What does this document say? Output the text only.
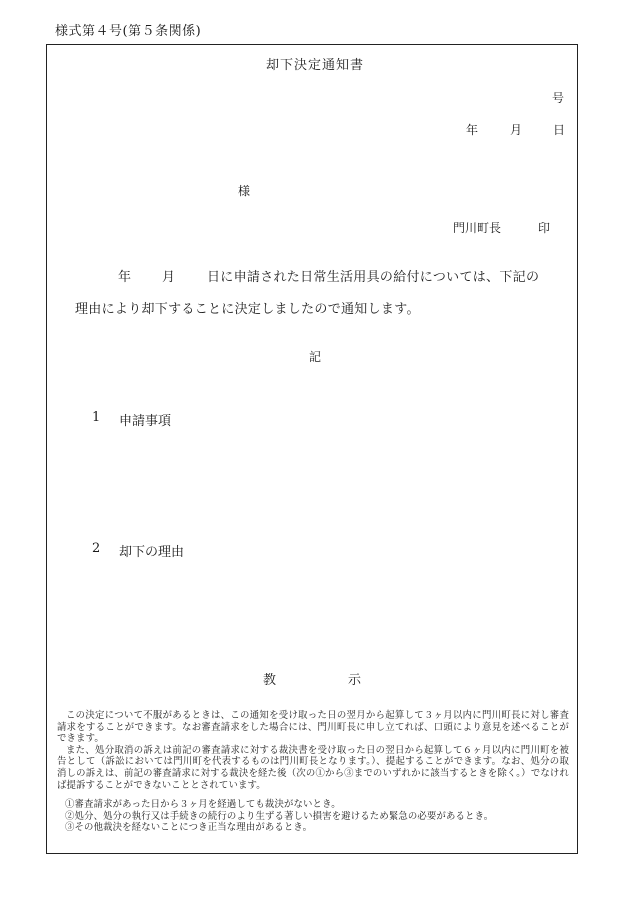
様式第４号(第５条関係)
却下決定通知書
号
年	月	日
様
門川町長	印
年 月 日に申請された日常生活用具の給付については、下記の
理由により却下することに決定しましたので通知します。
記
1 申請事項
2 却下の理由
教	示

この決定について不服があるときは、この通知を受け取った日の翌月から起算して３ヶ月以内に門川町長に対し審査請求をすることができます。なお審査請求をした場合には、門川町長に申し立てれば、口頭により意見を述べることができます。

また、処分取消の訴えは前記の審査請求に対する裁決書を受け取った日の翌日から起算して６ヶ月以内に門川町を被告として（訴訟においては門川町を代表するものは門川町長となります。）、提起することができます。なお、処分の取消しの訴えは、前記の審査請求に対する裁決を経た後（次の①から③までのいずれかに該当するときを除く。）でなければ提訴することができないこととされています。

①審査請求があった日から３ヶ月を経過しても裁決がないとき。
②処分、処分の執行又は手続きの続行のより生ずる著しい損害を避けるため緊急の必要があるとき。
③その他裁決を経ないことにつき正当な理由があるとき。
